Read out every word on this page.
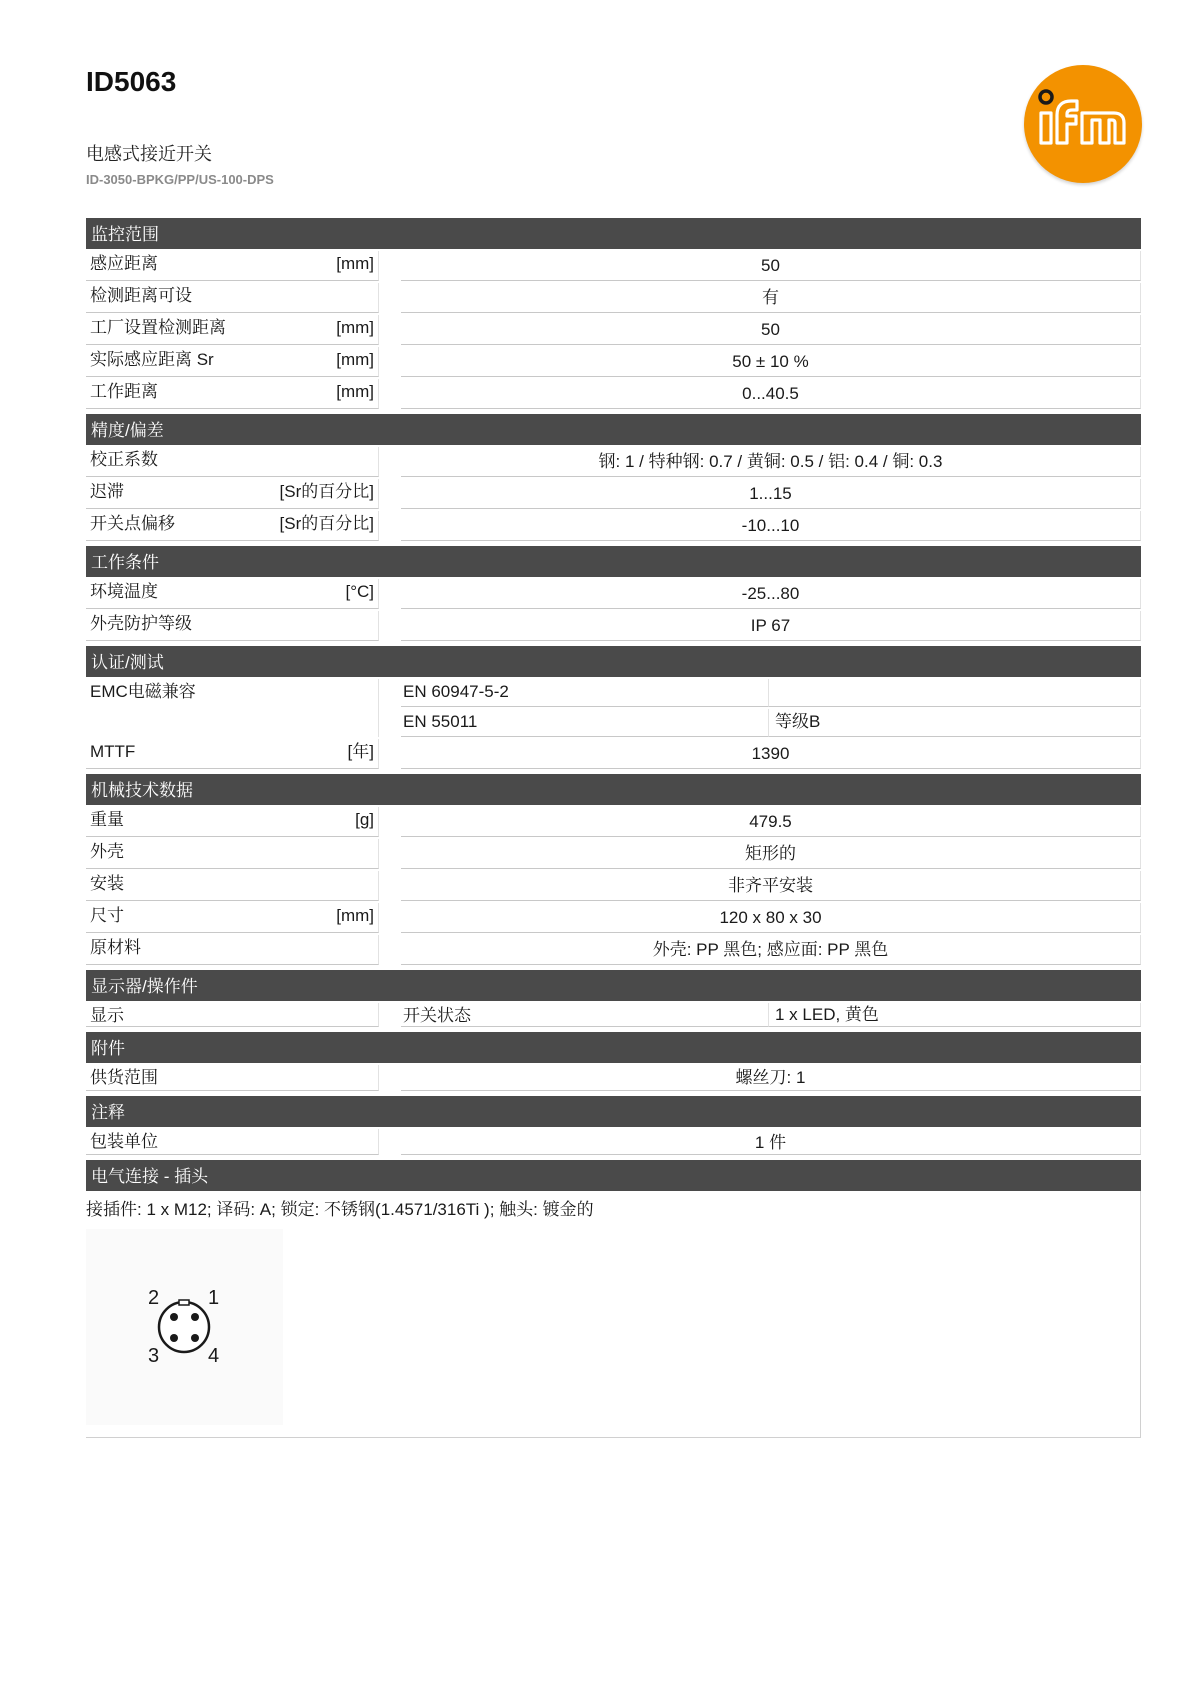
ID5063
电感式接近开关
ID-3050-BPKG/PP/US-100-DPS
监控范围
感应距离	[mm]	50
检测距离可设	有
工厂设置检测距离	[mm]	50
实际感应距离 Sr	[mm]	50 ± 10 %
工作距离	[mm]	0...40.5
精度/偏差
校正系数	钢: 1 / 特种钢: 0.7 / 黄铜: 0.5 / 铝: 0.4 / 铜: 0.3
迟滞	[Sr的百分比]	1...15
开关点偏移	[Sr的百分比]	-10...10
工作条件
环境温度	[°C]	-25...80
外壳防护等级	IP 67
认证/测试
EMC电磁兼容	EN 60947-5-2
EN 55011	等级B
MTTF	[年]	1390
机械技术数据
重量	[g]	479.5
外壳	矩形的
安装	非齐平安装
尺寸	[mm]	120 x 80 x 30
原材料	外壳: PP 黑色; 感应面: PP 黑色
显示器/操作件
显示	开关状态	1 x LED, 黄色
附件
供货范围	螺丝刀: 1
注释
包装单位	1 件
电气连接 - 插头
接插件: 1 x M12; 译码: A; 锁定: 不锈钢(1.4571/316Ti ); 触头: 镀金的
1
2
3 4
